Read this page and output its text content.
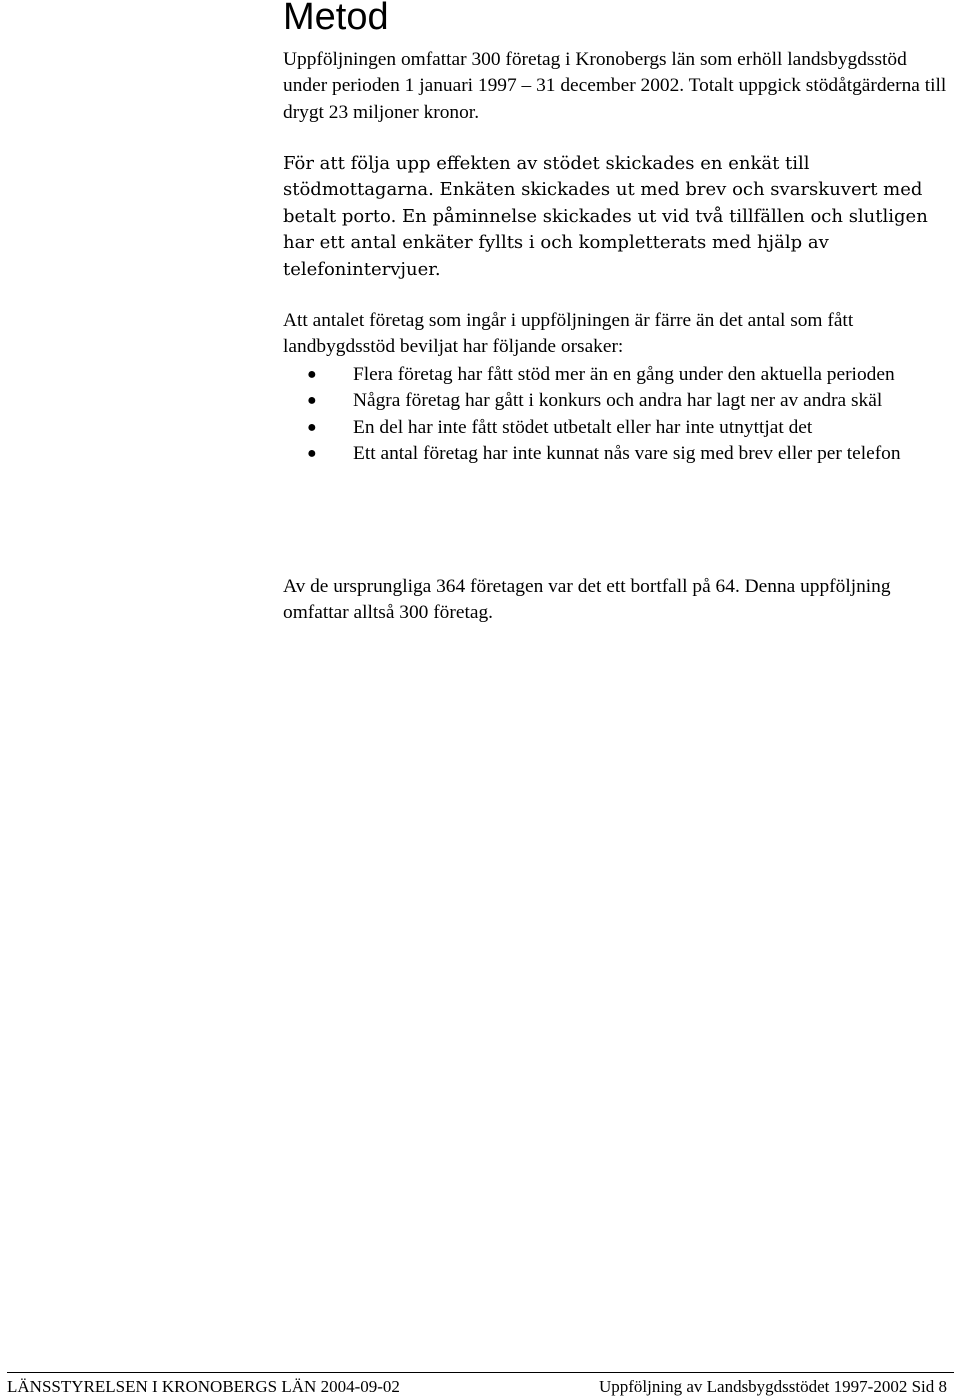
Metod

Uppföljningen omfattar 300 företag i Kronobergs län som erhöll landsbygdsstöd under perioden 1 januari 1997 – 31 december 2002. Totalt uppgick stödåtgärderna till drygt 23 miljoner kronor.

För att följa upp effekten av stödet skickades en enkät till stödmottagarna. Enkäten skickades ut med brev och svarskuvert med betalt porto. En påminnelse skickades ut vid två tillfällen och slutligen har ett antal enkäter fyllts i och kompletterats med hjälp av telefonintervjuer.

Att antalet företag som ingår i uppföljningen är färre än det antal som fått landbygdsstöd beviljat har följande orsaker:

● Flera företag har fått stöd mer än en gång under den aktuella perioden
● Några företag har gått i konkurs och andra har lagt ner av andra skäl
● En del har inte fått stödet utbetalt eller har inte utnyttjat det
● Ett antal företag har inte kunnat nås vare sig med brev eller per telefon

Av de ursprungliga 364 företagen var det ett bortfall på 64. Denna uppföljning omfattar alltså 300 företag.

LÄNSSTYRELSEN I KRONOBERGS LÄN 2004-09-02	Uppföljning av Landsbygdsstödet 1997-2002 Sid 8
